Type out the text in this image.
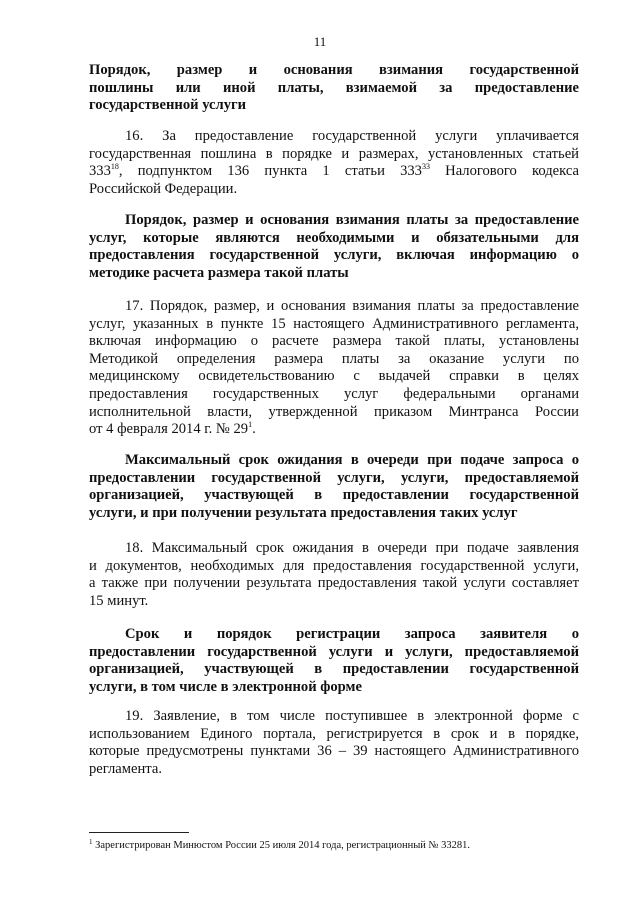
11
Порядок, размер и основания взимания государственной
пошлины или иной платы, взимаемой за предоставление
государственной услуги
16. За предоставление государственной услуги уплачивается
государственная пошлина в порядке и размерах, установленных статьей
$333^{18}$, подпунктом 136 пункта 1 статьи $333^{33}$ Налогового кодекса
Российской Федерации.
Порядок, размер и основания взимания платы за предоставление
услуг, которые являются необходимыми и обязательными для
предоставления государственной услуги, включая информацию о
методике расчета размера такой платы
17. Порядок, размер, и основания взимания платы за предоставление
услуг, указанных в пункте 15 настоящего Административного регламента,
включая информацию о расчете размера такой платы, установлены
Методикой определения размера платы за оказание услуги по
медицинскому освидетельствованию с выдачей справки в целях
предоставления государственных услуг федеральными органами
исполнительной власти, утвержденной приказом Минтранса России
от 4 февраля 2014 г. № $29^1$.
Максимальный срок ожидания в очереди при подаче запроса о
предоставлении государственной услуги, услуги, предоставляемой
организацией, участвующей в предоставлении государственной
услуги, и при получении результата предоставления таких услуг
18. Максимальный срок ожидания в очереди при подаче заявления
и документов, необходимых для предоставления государственной услуги,
а также при получении результата предоставления такой услуги составляет
15 минут.
Срок и порядок регистрации запроса заявителя о
предоставлении государственной услуги и услуги, предоставляемой
организацией, участвующей в предоставлении государственной
услуги, в том числе в электронной форме
19. Заявление, в том числе поступившее в электронной форме с
использованием Единого портала, регистрируется в срок и в порядке,
которые предусмотрены пунктами 36 – 39 настоящего Административного
регламента.
$^1$ Зарегистрирован Минюстом России 25 июля 2014 года, регистрационный № 33281.
